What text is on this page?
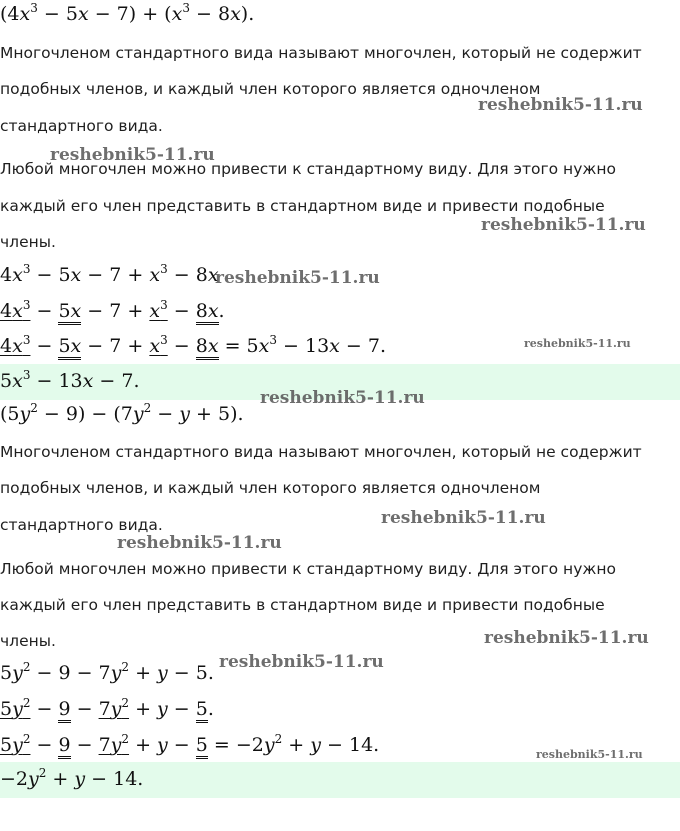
$(4x^3 - 5x - 7) + (x^3 - 8x)$.
Многочленом стандартного вида называют многочлен, который не содержит
подобных членов, и каждый член которого является одночленом
стандартного вида.
Любой многочлен можно привести к стандартному виду. Для этого нужно
каждый его член представить в стандартном виде и привести подобные
члены.
$4x^3 - 5x - 7 + x^3 - 8x$
$4x^3 - 5x - 7 + x^3 - 8x$.
$4x^3 - 5x - 7 + x^3 - 8x = 5x^3 - 13x - 7$.
$5x^3 - 13x - 7$.
$(5y^2 - 9) - (7y^2 - y + 5)$.
Многочленом стандартного вида называют многочлен, который не содержит
подобных членов, и каждый член которого является одночленом
стандартного вида.
Любой многочлен можно привести к стандартному виду. Для этого нужно
каждый его член представить в стандартном виде и привести подобные
члены.
$5y^2 - 9 - 7y^2 + y - 5$.
$5y^2 - 9 - 7y^2 + y - 5$.
$5y^2 - 9 - 7y^2 + y - 5 = -2y^2 + y - 14$.
$-2y^2 + y - 14$.
reshebnik5-11.ru
reshebnik5-11.ru
reshebnik5-11.ru
reshebnik5-11.ru
reshebnik5-11.ru
reshebnik5-11.ru
reshebnik5-11.ru
reshebnik5-11.ru
reshebnik5-11.ru
reshebnik5-11.ru
reshebnik5-11.ru
